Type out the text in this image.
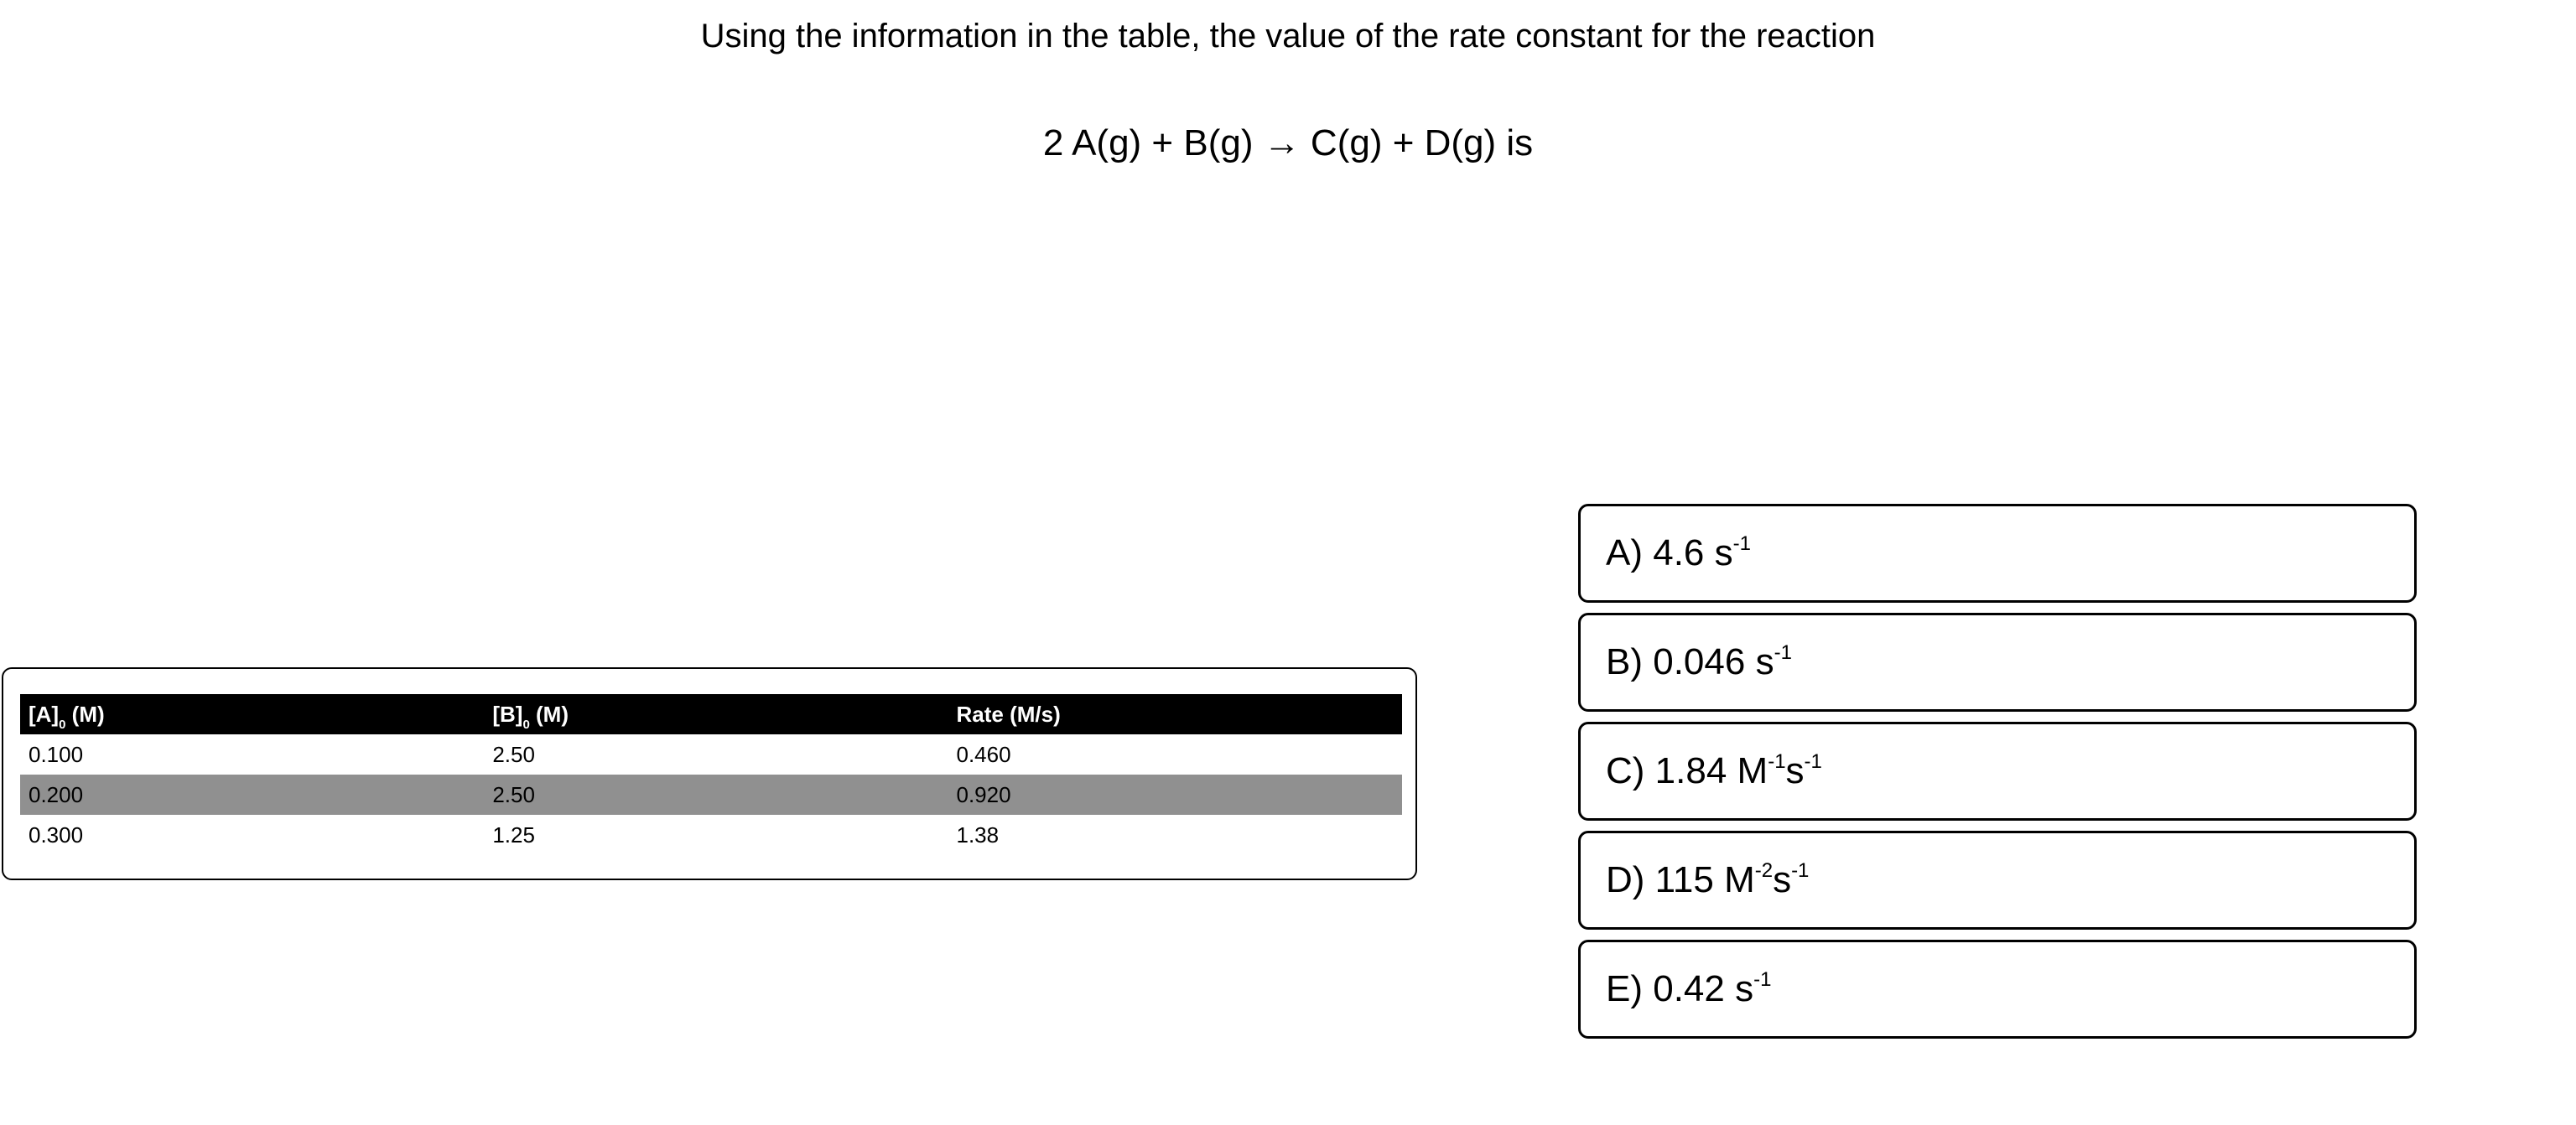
Using the information in the table, the value of the rate constant for the reaction
2 A(g) + B(g) → C(g) + D(g) is
$[A]_0$ (M)	$[B]_0$ (M)	Rate (M/s)
0.100	2.50	0.460
0.200	2.50	0.920
0.300	1.25	1.38
A) 4.6 $s^{-1}$
B) 0.046 $s^{-1}$
C) 1.84 $M^{-1}s^{-1}$
D) 115 $M^{-2}s^{-1}$
E) 0.42 $s^{-1}$
